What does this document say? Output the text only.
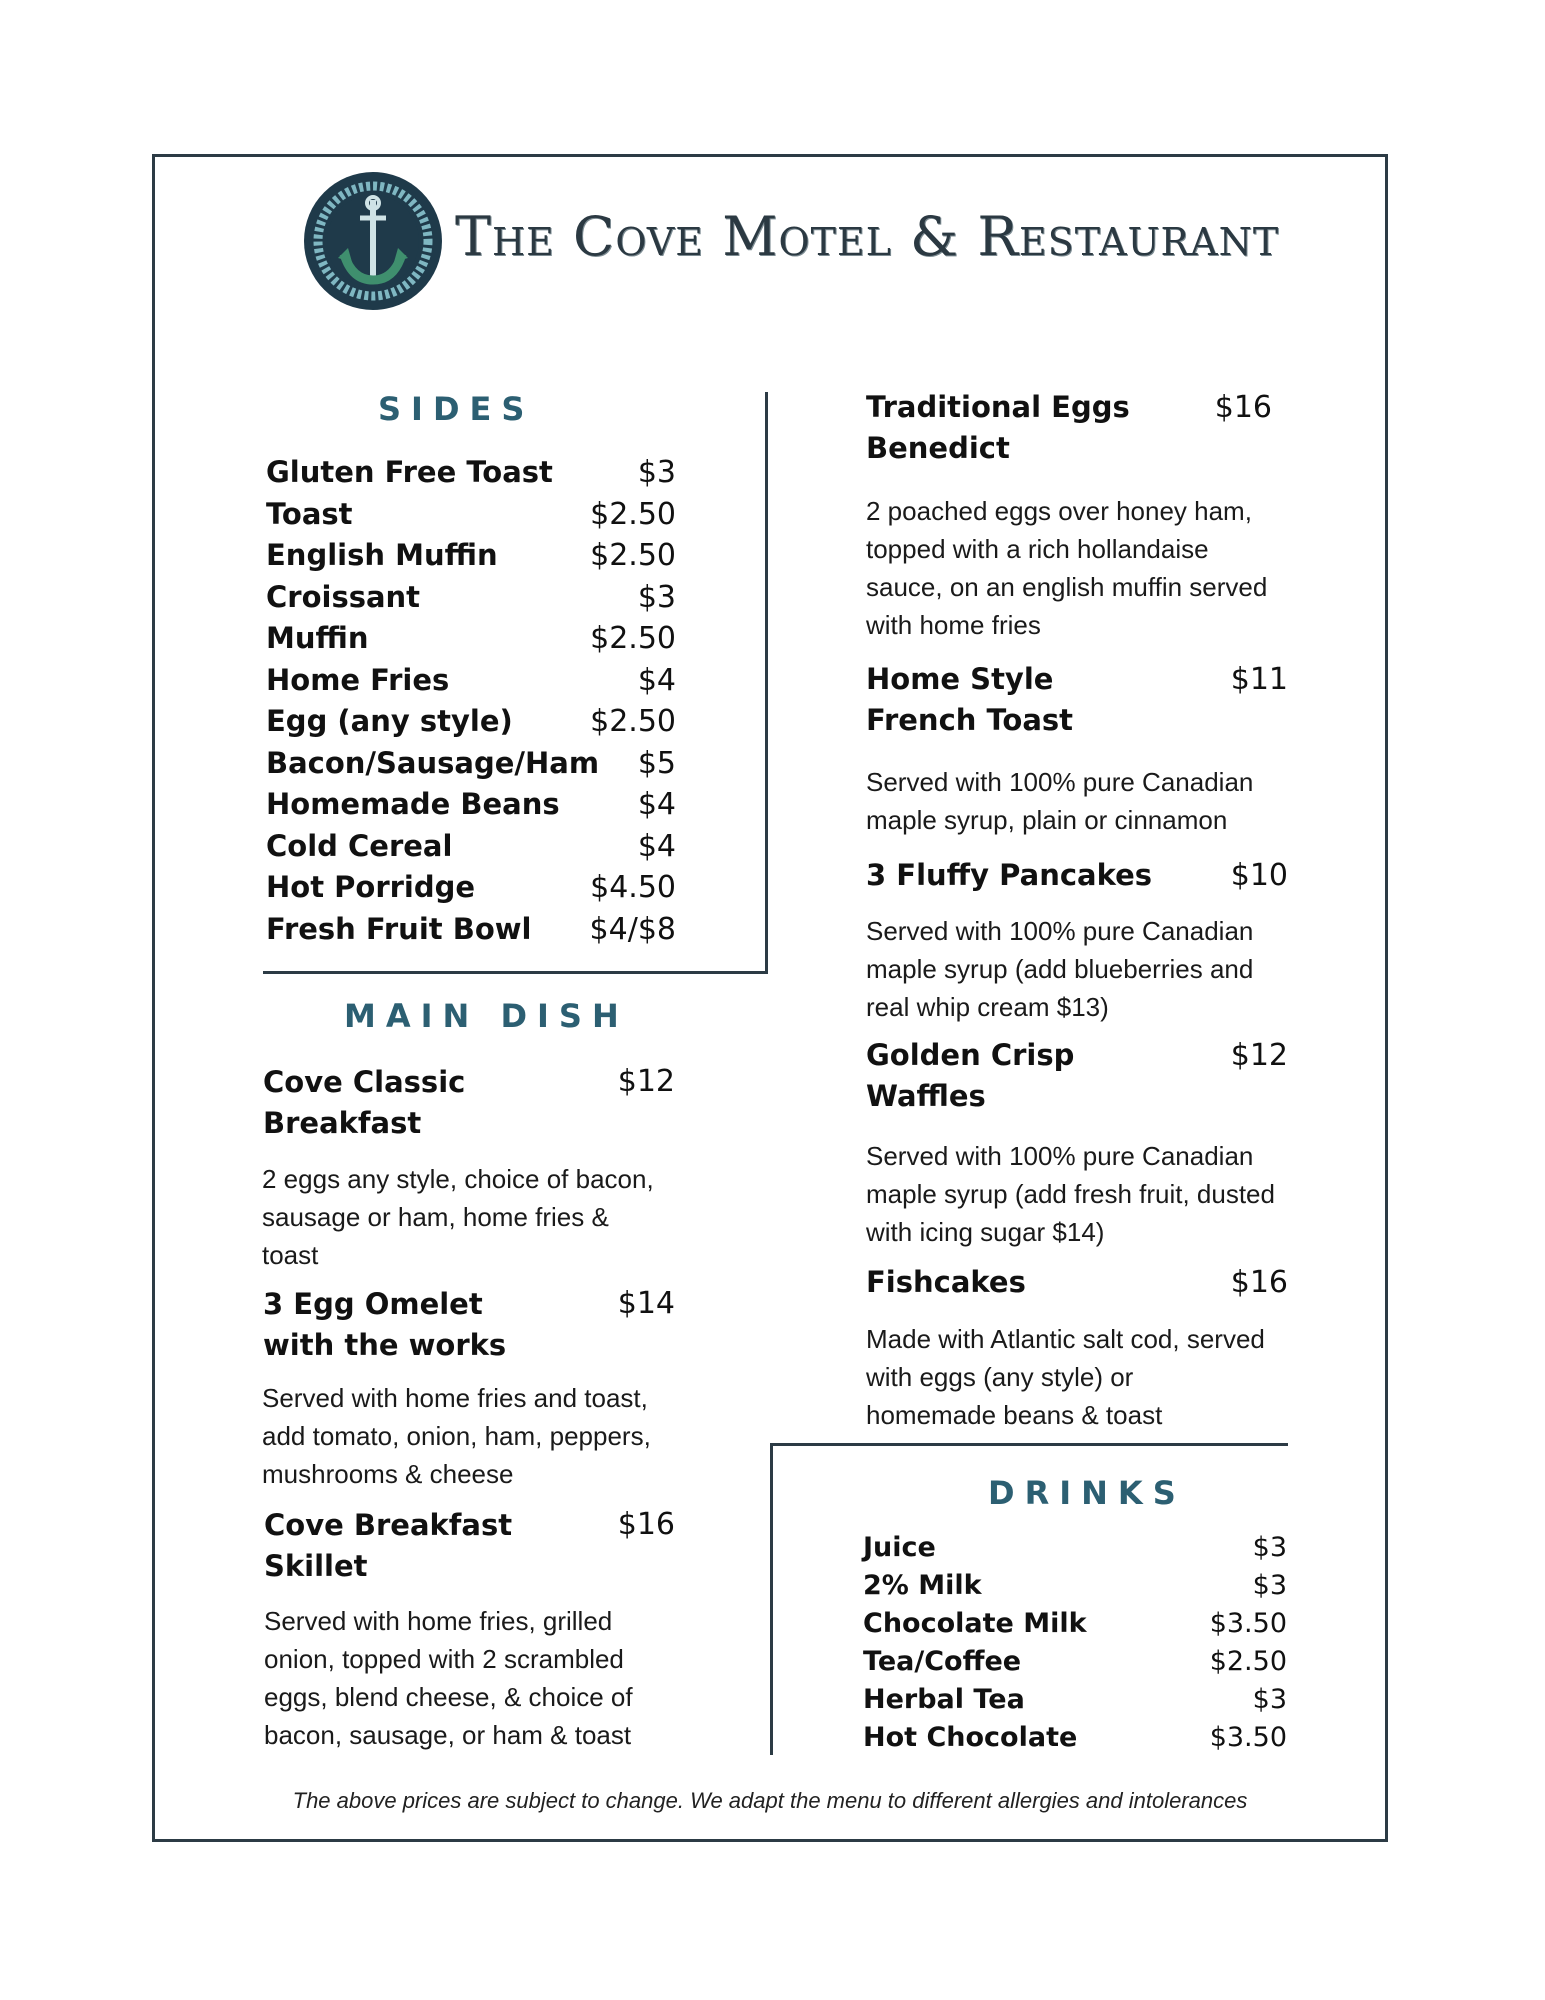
The Cove Motel & Restaurant
SIDES
Gluten Free Toast	$3
Toast	$2.50
English Muffin	$2.50
Croissant	$3
Muffin	$2.50
Home Fries	$4
Egg (any style)	$2.50
Bacon/Sausage/Ham $5
Homemade Beans	$4
Cold Cereal	$4
Hot Porridge	$4.50
Fresh Fruit Bowl $4/$8
MAIN DISH
Cove Classic
Breakfast
$12
2 eggs any style, choice of bacon,
sausage or ham, home fries &
toast
3 Egg Omelet
with the works
$14
Served with home fries and toast,
add tomato, onion, ham, peppers,
mushrooms & cheese
Cove Breakfast
Skillet
$16
Served with home fries, grilled
onion, topped with 2 scrambled
eggs, blend cheese, & choice of
bacon, sausage, or ham & toast
Traditional Eggs
Benedict
$16
2 poached eggs over honey ham,
topped with a rich hollandaise
sauce, on an english muffin served
with home fries
Home Style
French Toast
$11
Served with 100% pure Canadian
maple syrup, plain or cinnamon
3 Fluffy Pancakes	$10
Served with 100% pure Canadian
maple syrup (add blueberries and
real whip cream $13)
Golden Crisp
Waffles
$12
Served with 100% pure Canadian
maple syrup (add fresh fruit, dusted
with icing sugar $14)
Fishcakes	$16
Made with Atlantic salt cod, served
with eggs (any style) or
homemade beans & toast
DRINKS
Juice	$3
2% Milk	$3
Chocolate Milk	$3.50
Tea/Coffee	$2.50
Herbal Tea	$3
Hot Chocolate	$3.50
The above prices are subject to change. We adapt the menu to different allergies and intolerances
